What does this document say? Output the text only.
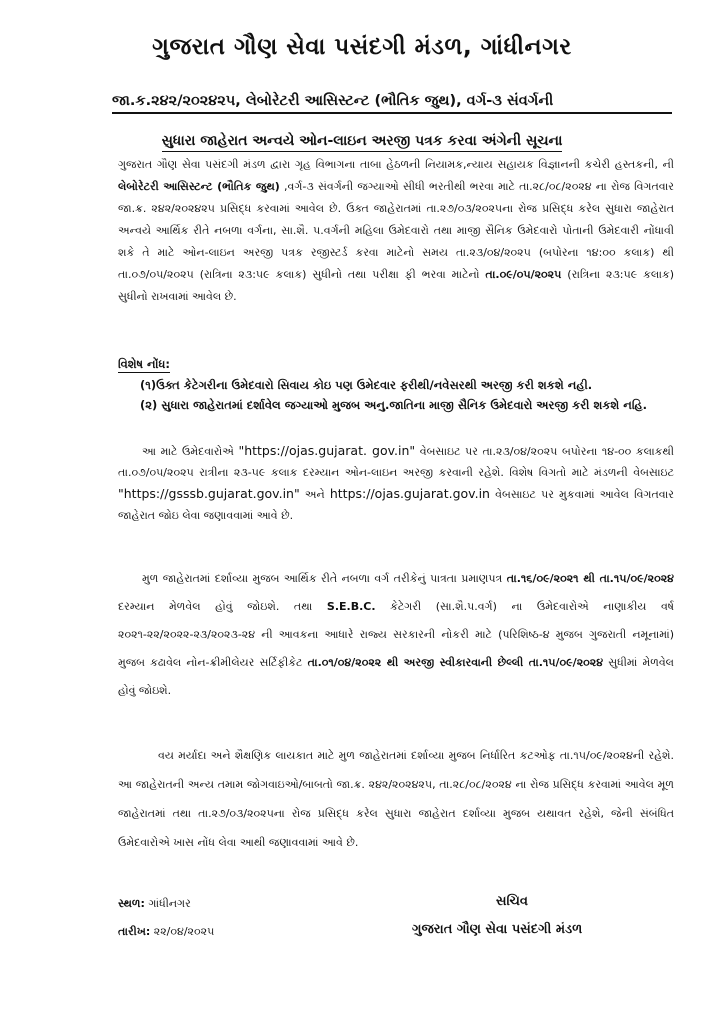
ગુજરાત ગૌણ સેવા પસંદગી મંડળ, ગાંધીનગર
જા.ક.૨૪૨/૨૦૨૪૨૫, લેબોરેટરી આસિસ્ટન્ટ (ભૌતિક જુથ), વર્ગ-૩ સંવર્ગની
સુધારા જાહેરાત અન્વયે ઓન-લાઇન અરજી પત્રક કરવા અંગેની સૂચના
ગુજરાત ગૌણ સેવા પસંદગી મંડળ દ્વારા ગૃહ વિભાગના તાબા હેઠળની નિયામક,ન્યાય સહાયક વિજ્ઞાનની કચેરી હસ્તકની, ની લેબોરેટરી આસિસ્ટન્ટ (ભૌતિક જુથ) ,વર્ગ-૩ સંવર્ગની જગ્યાઓ સીધી ભરતીથી ભરવા માટે તા.૨૮/૦૮/૨૦૨૪ ના રોજ વિગતવાર જા.ક્ર. ૨૪૨/૨૦૨૪૨૫ પ્રસિદ્ધ કરવામાં આવેલ છે. ઉક્ત જાહેરાતમાં તા.૨૭/૦૩/૨૦૨૫ના રોજ પ્રસિદ્ધ કરેલ સુધારા જાહેરાત અન્વયે આર્થિક રીતે નબળા વર્ગના, સા.શૈ. પ.વર્ગની મહિલા ઉમેદવારો તથા માજી સૈનિક ઉમેદવારો પોતાની ઉમેદવારી નોંધાવી શકે તે માટે ઓન-લાઇન અરજી પત્રક રજીસ્ટર્ડ કરવા માટેનો સમય તા.૨૩/૦૪/૨૦૨૫ (બપોરના ૧૪:૦૦ કલાક) થી તા.૦૭/૦૫/૨૦૨૫ (રાત્રિના ૨૩:૫૯ કલાક) સુધીનો તથા પરીક્ષા ફી ભરવા માટેનો તા.૦૯/૦૫/૨૦૨૫ (રાત્રિના ૨૩:૫૯ કલાક) સુધીનો રાખવામાં આવેલ છે.
વિશેષ નોંધ:
(૧)ઉક્ત કેટેગરીના ઉમેદવારો સિવાય કોઇ પણ ઉમેદવાર ફરીથી/નવેસરથી અરજી કરી શકશે નહી.
(૨) સુધારા જાહેરાતમાં દર્શાવેલ જગ્યાઓ મુજબ અનુ.જાતિના માજી સૈનિક ઉમેદવારો અરજી કરી શકશે નહિ.
આ માટે ઉમેદવારોએ "https://ojas.gujarat. gov.in" વેબસાઇટ પર તા.૨૩/૦૪/૨૦૨૫ બપોરના ૧૪-૦૦ કલાકથી તા.૦૭/૦૫/૨૦૨૫ રાત્રીના ૨૩-૫૯ કલાક દરમ્યાન ઓન-લાઇન અરજી કરવાની રહેશે. વિશેષ વિગતો માટે મંડળની વેબસાઇટ "https://gsssb.gujarat.gov.in" અને https://ojas.gujarat.gov.in વેબસાઇટ પર મુકવામાં આવેલ વિગતવાર જાહેરાત જોઇ લેવા જણાવવામાં આવે છે.
મુળ જાહેરાતમાં દર્શાવ્યા મુજબ આર્થિક રીતે નબળા વર્ગ તરીકેનું પાત્રતા પ્રમાણપત્ર તા.૧૬/૦૯/૨૦૨૧ થી તા.૧૫/૦૯/૨૦૨૪ દરમ્યાન મેળવેલ હોવું જોઇશે. તથા S.E.B.C. કેટેગરી (સા.શૈ.પ.વર્ગ) ના ઉમેદવારોએ નાણાકીય વર્ષ ૨૦૨૧-૨૨/૨૦૨૨-૨૩/૨૦૨૩-૨૪ ની આવકના આધારે રાજ્ય સરકારની નોકરી માટે (પરિશિષ્ઠ-૪ મુજબ ગુજરાતી નમૂનામાં) મુજબ કઢાવેલ નોન-ક્રીમીલેયર સર્ટિફીકેટ તા.૦૧/૦૪/૨૦૨૨ થી અરજી સ્વીકારવાની છેલ્લી તા.૧૫/૦૯/૨૦૨૪ સુધીમાં મેળવેલ હોવું જોઇશે.
વય મર્યાદા અને શૈક્ષણિક લાયકાત માટે મુળ જાહેરાતમાં દર્શાવ્યા મુજબ નિર્ધારિત કટઓફ તા.૧૫/૦૯/૨૦૨૪ની રહેશે. આ જાહેરાતની અન્ય તમામ જોગવાઇઓ/બાબતો જા.ક્ર. ૨૪૨/૨૦૨૪૨૫, તા.૨૮/૦૮/૨૦૨૪ ના રોજ પ્રસિદ્ધ કરવામાં આવેલ મૂળ જાહેરાતમાં તથા તા.૨૭/૦૩/૨૦૨૫ના રોજ પ્રસિદ્ધ કરેલ સુધારા જાહેરાત દર્શાવ્યા મુજબ યથાવત રહેશે, જેની સંબંધિત ઉમેદવારોએ ખાસ નોંધ લેવા આથી જણાવવામાં આવે છે.
સ્થળ: ગાંધીનગર
તારીખ: ૨૨/૦૪/૨૦૨૫
સચિવ
ગુજરાત ગૌણ સેવા પસંદગી મંડળ
